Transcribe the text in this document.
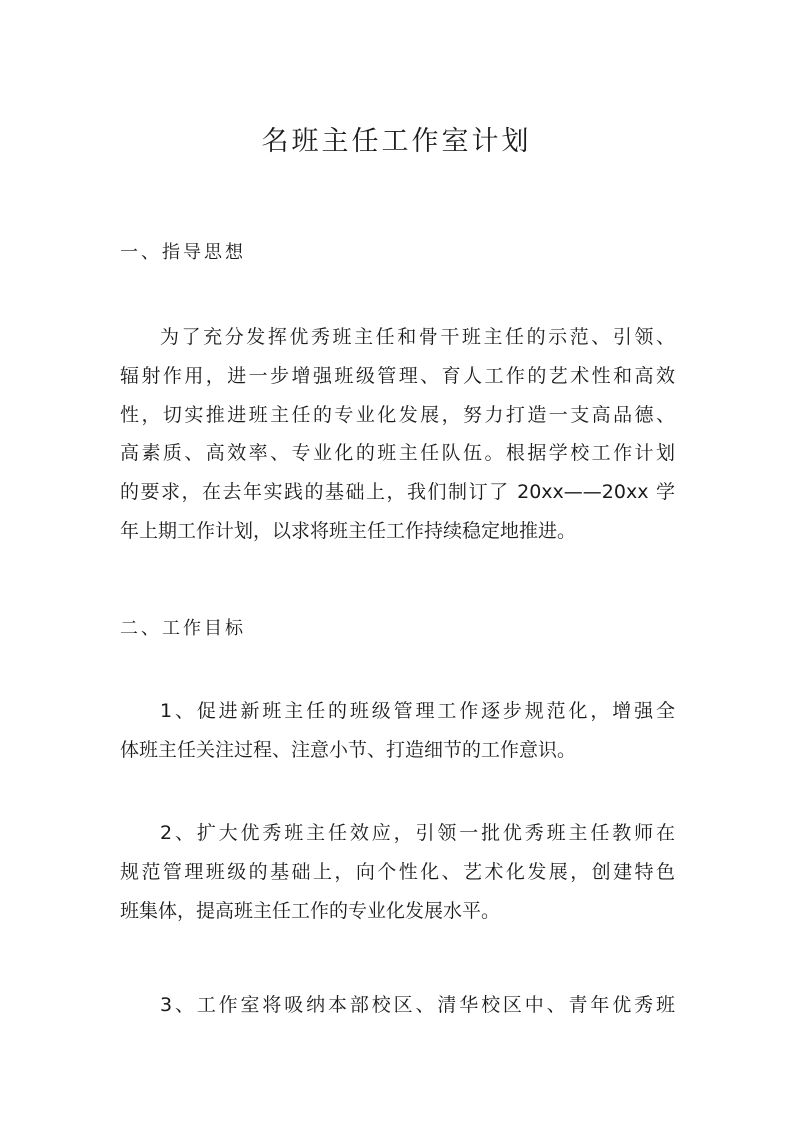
名班主任工作室计划
一、指导思想
为了充分发挥优秀班主任和骨干班主任的示范、引领、
辐射作用，进一步增强班级管理、育人工作的艺术性和高效
性，切实推进班主任的专业化发展，努力打造一支高品德、
高素质、高效率、专业化的班主任队伍。根据学校工作计划
的要求，在去年实践的基础上，我们制订了 20xx——20xx 学
年上期工作计划，以求将班主任工作持续稳定地推进。
二、工作目标
1、促进新班主任的班级管理工作逐步规范化，增强全
体班主任关注过程、注意小节、打造细节的工作意识。
2、扩大优秀班主任效应，引领一批优秀班主任教师在
规范管理班级的基础上，向个性化、艺术化发展，创建特色
班集体，提高班主任工作的专业化发展水平。
3、工作室将吸纳本部校区、清华校区中、青年优秀班
